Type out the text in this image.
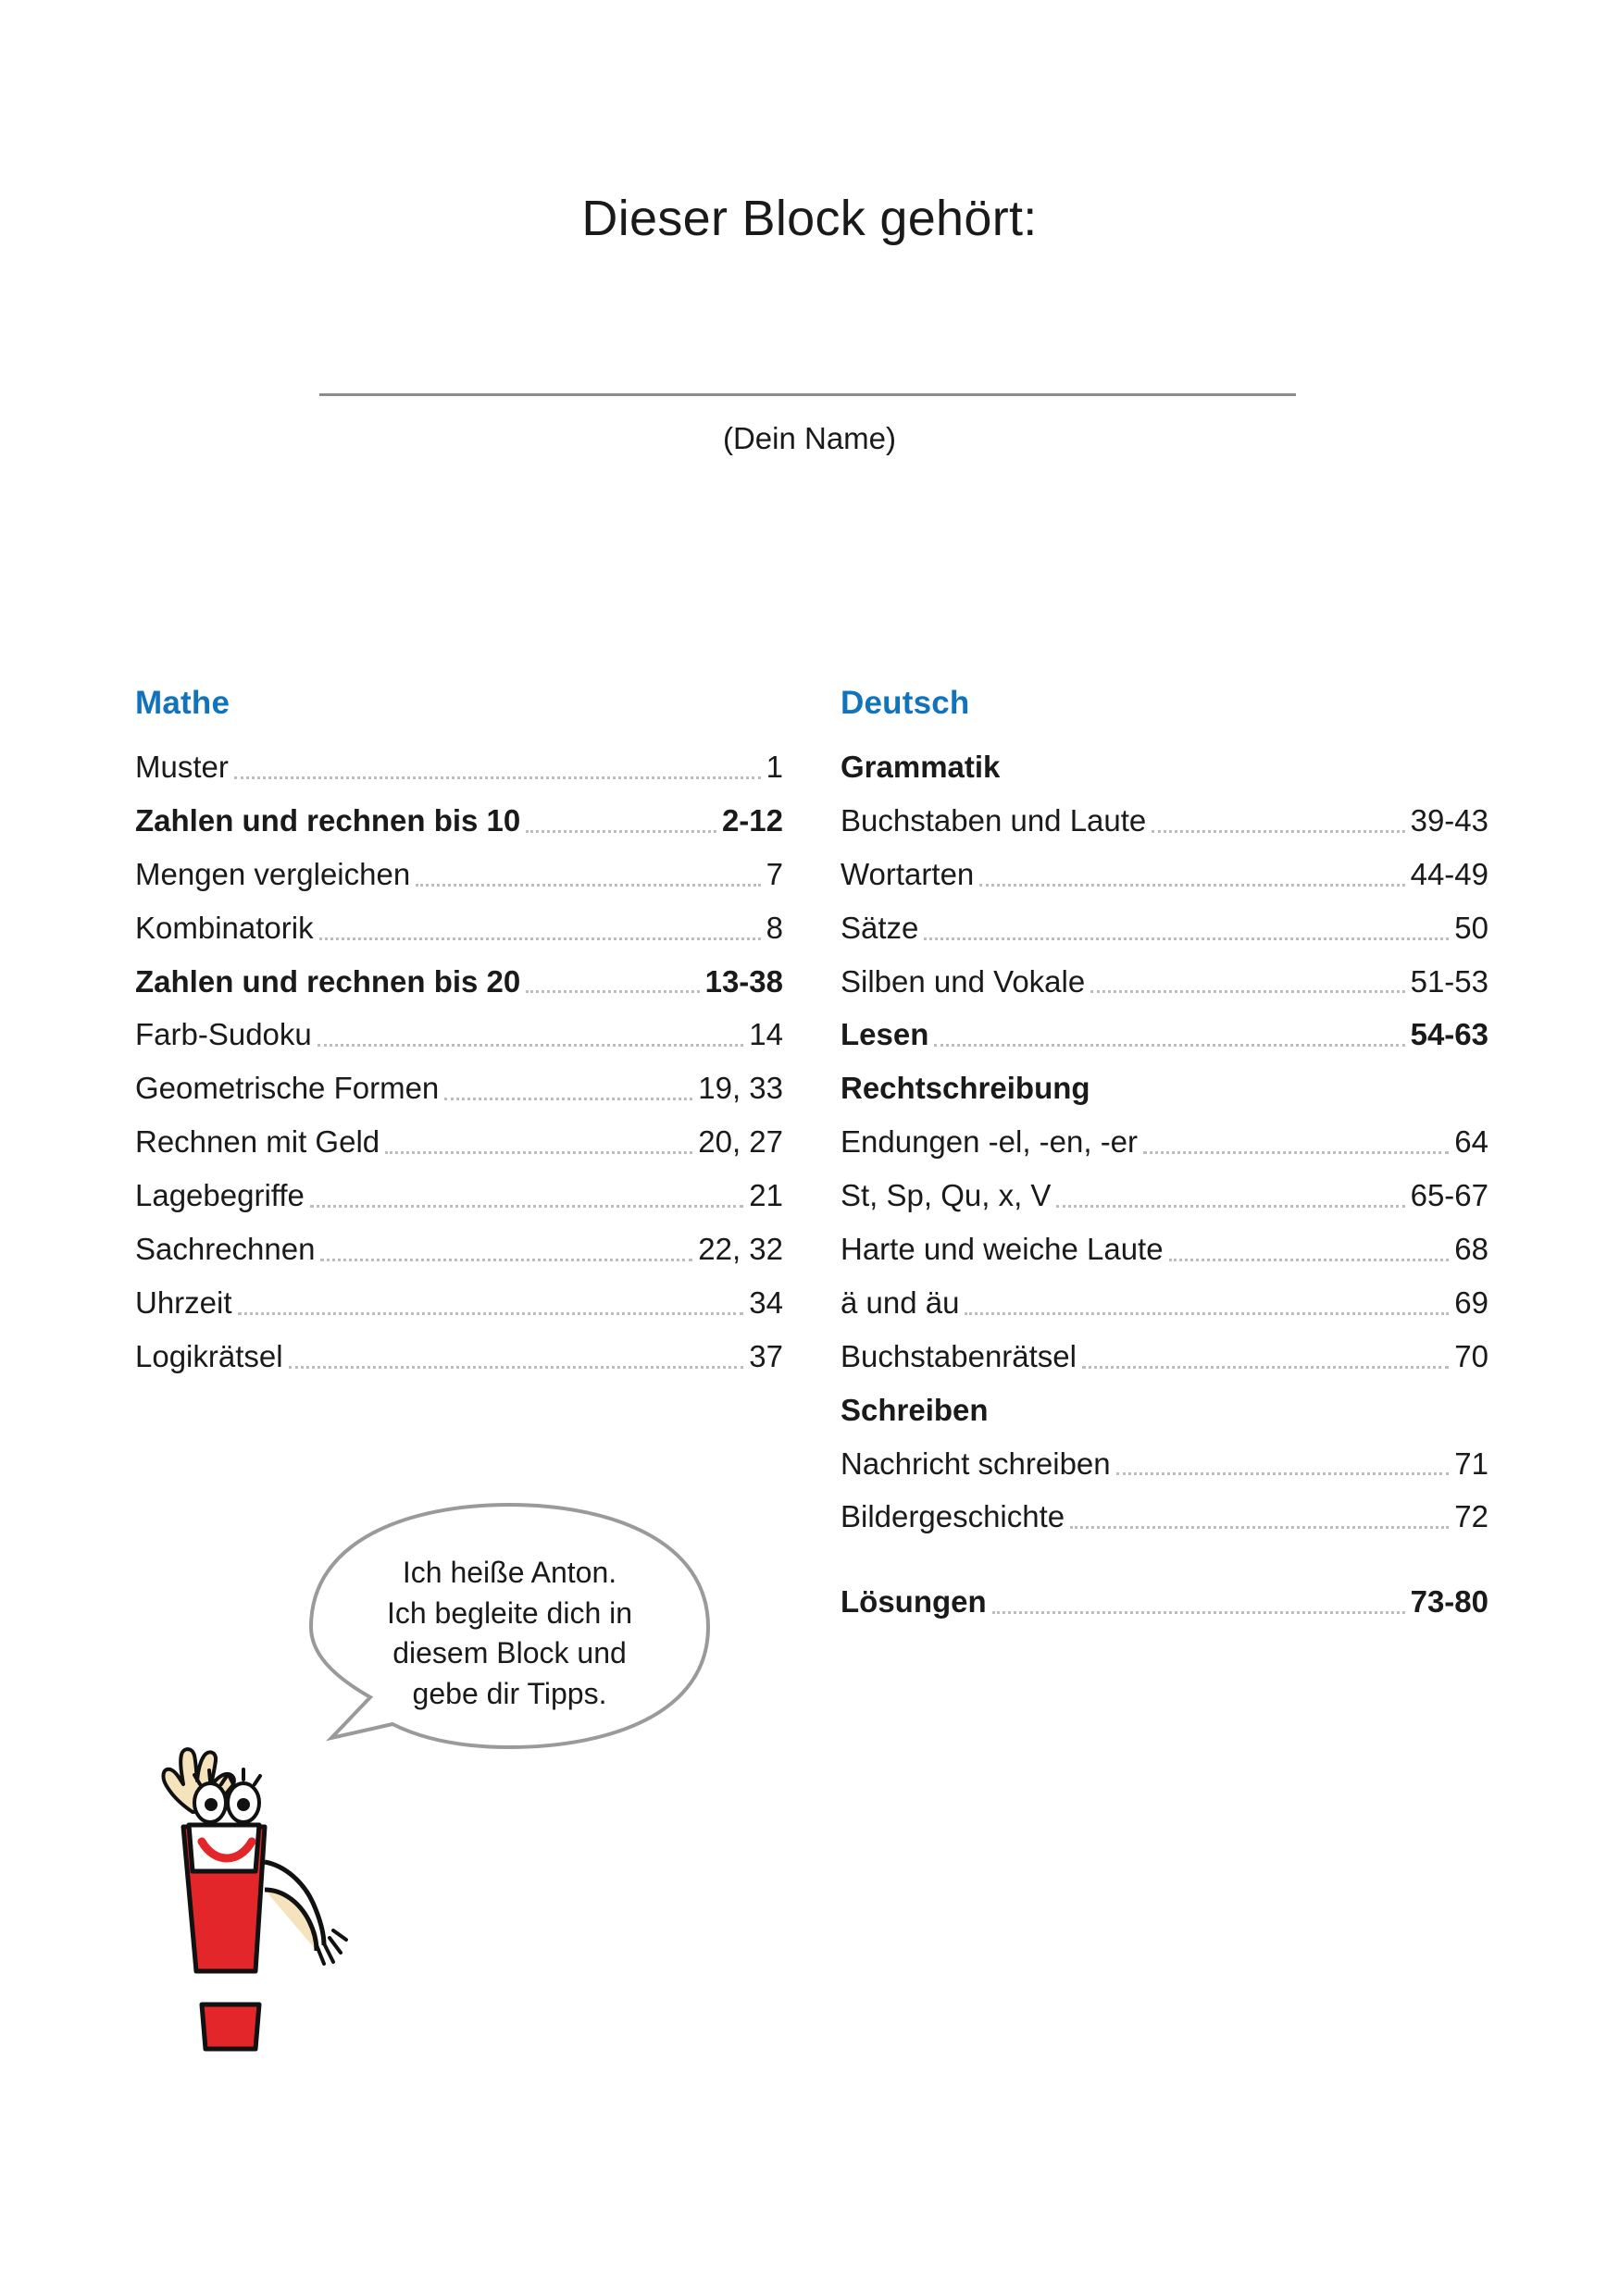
Dieser Block gehört:
(Dein Name)
Mathe
Muster	1
Zahlen und rechnen bis 10	2-12
Mengen vergleichen	7
Kombinatorik	8
Zahlen und rechnen bis 20	13-38
Farb-Sudoku	14
Geometrische Formen	19, 33
Rechnen mit Geld	20, 27
Lagebegriffe	21
Sachrechnen	22, 32
Uhrzeit	34
Logikrätsel	37
Deutsch
Grammatik
Buchstaben und Laute	39-43
Wortarten	44-49
Sätze	50
Silben und Vokale	51-53
Lesen	54-63
Rechtschreibung
Endungen -el, -en, -er	64
St, Sp, Qu, x, V	65-67
Harte und weiche Laute	68
ä und äu	69
Buchstabenrätsel	70
Schreiben
Nachricht schreiben	71
Bildergeschichte	72
Lösungen	73-80
Ich heiße Anton.
Ich begleite dich in
diesem Block und
gebe dir Tipps.
